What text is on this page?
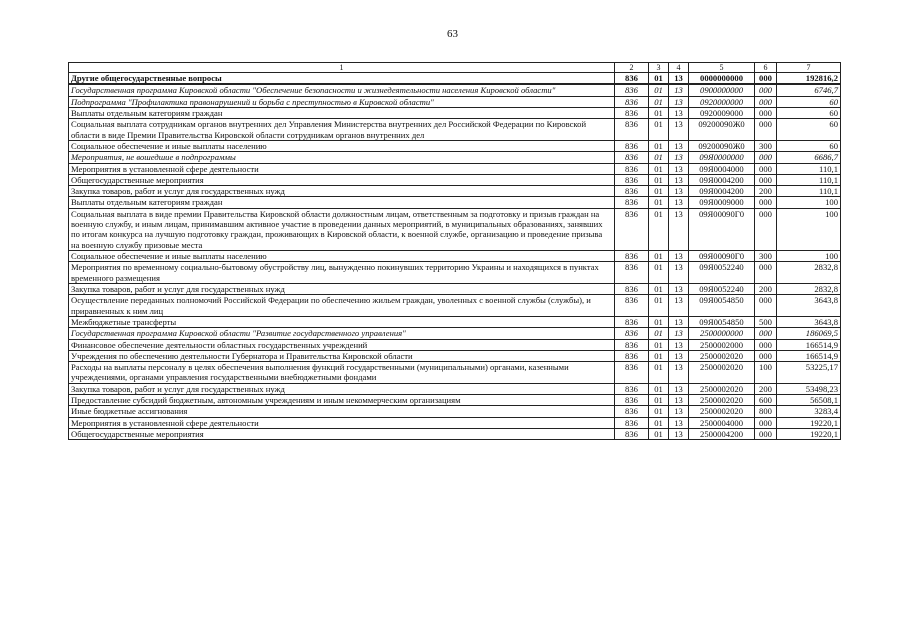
63
1	2	3	4	5	6	7
Другие общегосударственные вопросы	836	01	13	0000000000	000	192816,2
Государственная программа Кировской области "Обеспечение безопасности и жизнедеятельности населения Кировской области"	836	01	13	0900000000	000	6746,7
Подпрограмма "Профилактика правонарушений и борьба с преступностью в Кировской области"	836	01	13	0920000000	000	60
Выплаты отдельным категориям граждан	836	01	13	0920009000	000	60
Социальная выплата сотрудникам органов внутренних дел Управления Министерства внутренних дел Российской Федерации по Кировской области в виде Премии Правительства Кировской области сотрудникам органов внутренних дел	836	01	13	09200090Ж0	000	60
Социальное обеспечение и иные выплаты населению	836	01	13	09200090Ж0	300	60
Мероприятия, не вошедшие в подпрограммы	836	01	13	09Я0000000	000	6686,7
Мероприятия в установленной сфере деятельности	836	01	13	09Я0004000	000	110,1
Общегосударственные мероприятия	836	01	13	09Я0004200	000	110,1
Закупка товаров, работ и услуг для государственных нужд	836	01	13	09Я0004200	200	110,1
Выплаты отдельным категориям граждан	836	01	13	09Я0009000	000	100
Социальная выплата в виде премии Правительства Кировской области должностным лицам, ответственным за подготовку и призыв граждан на военную службу, и иным лицам, принимавшим активное участие в проведении данных мероприятий, в муниципальных образованиях, занявших по итогам конкурса на лучшую подготовку граждан, проживающих в Кировской области, к военной службе, организацию и проведение призыва на военную службу призовые места	836	01	13	09Я00090Г0	000	100
Социальное обеспечение и иные выплаты населению	836	01	13	09Я00090Г0	300	100
Мероприятия по временному социально-бытовому обустройству лиц, вынужденно покинувших территорию Украины и находящихся в пунктах временного размещения	836	01	13	09Я0052240	000	2832,8
Закупка товаров, работ и услуг для государственных нужд	836	01	13	09Я0052240	200	2832,8
Осуществление переданных полномочий Российской Федерации по обеспечению жильем граждан, уволенных с военной службы (службы), и приравненных к ним лиц	836	01	13	09Я0054850	000	3643,8
Межбюджетные трансферты	836	01	13	09Я0054850	500	3643,8
Государственная программа Кировской области "Развитие государственного управления"	836	01	13	2500000000	000	186069,5
Финансовое обеспечение деятельности областных государственных учреждений	836	01	13	2500002000	000	166514,9
Учреждения по обеспечению деятельности Губернатора и Правительства Кировской области	836	01	13	2500002020	000	166514,9
Расходы на выплаты персоналу в целях обеспечения выполнения функций государственными (муниципальными) органами, казенными учреждениями, органами управления государственными внебюджетными фондами	836	01	13	2500002020	100	53225,17
Закупка товаров, работ и услуг для государственных нужд	836	01	13	2500002020	200	53498,23
Предоставление субсидий бюджетным, автономным учреждениям и иным некоммерческим организациям	836	01	13	2500002020	600	56508,1
Иные бюджетные ассигнования	836	01	13	2500002020	800	3283,4
Мероприятия в установленной сфере деятельности	836	01	13	2500004000	000	19220,1
Общегосударственные мероприятия	836	01	13	2500004200	000	19220,1
